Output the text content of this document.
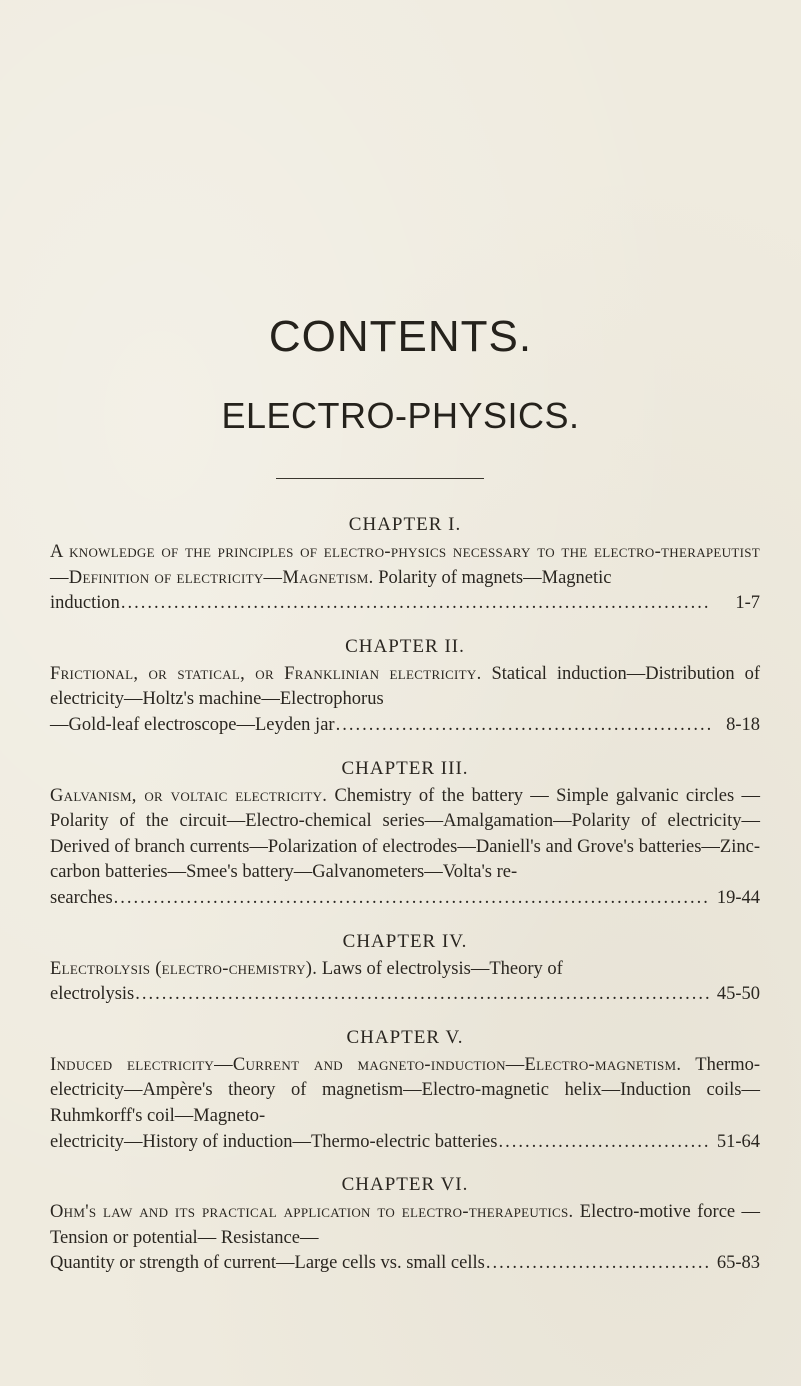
CONTENTS.
ELECTRO-PHYSICS.
CHAPTER I.

A knowledge of the principles of electro-physics necessary to the electro-therapeutist—Definition of electricity—Magnetism. Polarity of magnets—Magnetic

induction .....	1-7
CHAPTER II.

Frictional, or statical, or Franklinian electricity. Statical induction—Distribution of electricity—Holtz's machine—Electrophorus

—Gold-leaf electroscope—Leyden jar .....	8-18
CHAPTER III.

Galvanism, or voltaic electricity. Chemistry of the battery — Simple galvanic circles — Polarity of the circuit—Electro-chemical series—Amalgamation—Polarity of electricity—Derived of branch currents—Polarization of electrodes—Daniell's and Grove's batteries—Zinc-carbon batteries—Smee's battery—Galvanometers—Volta's re-

searches .....	19-44
CHAPTER IV.

Electrolysis (electro-chemistry). Laws of electrolysis—Theory of

electrolysis .....	45-50
CHAPTER V.

Induced electricity—Current and magneto-induction—Electro-magnetism. Thermo-electricity—Ampère's theory of magnetism—Electro-magnetic helix—Induction coils—Ruhmkorff's coil—Magneto-

electricity—History of induction—Thermo-electric batteries .....	51-64
CHAPTER VI.

Ohm's law and its practical application to electro-therapeutics. Electro-motive force — Tension or potential— Resistance—

Quantity or strength of current—Large cells vs. small cells .....	65-83
